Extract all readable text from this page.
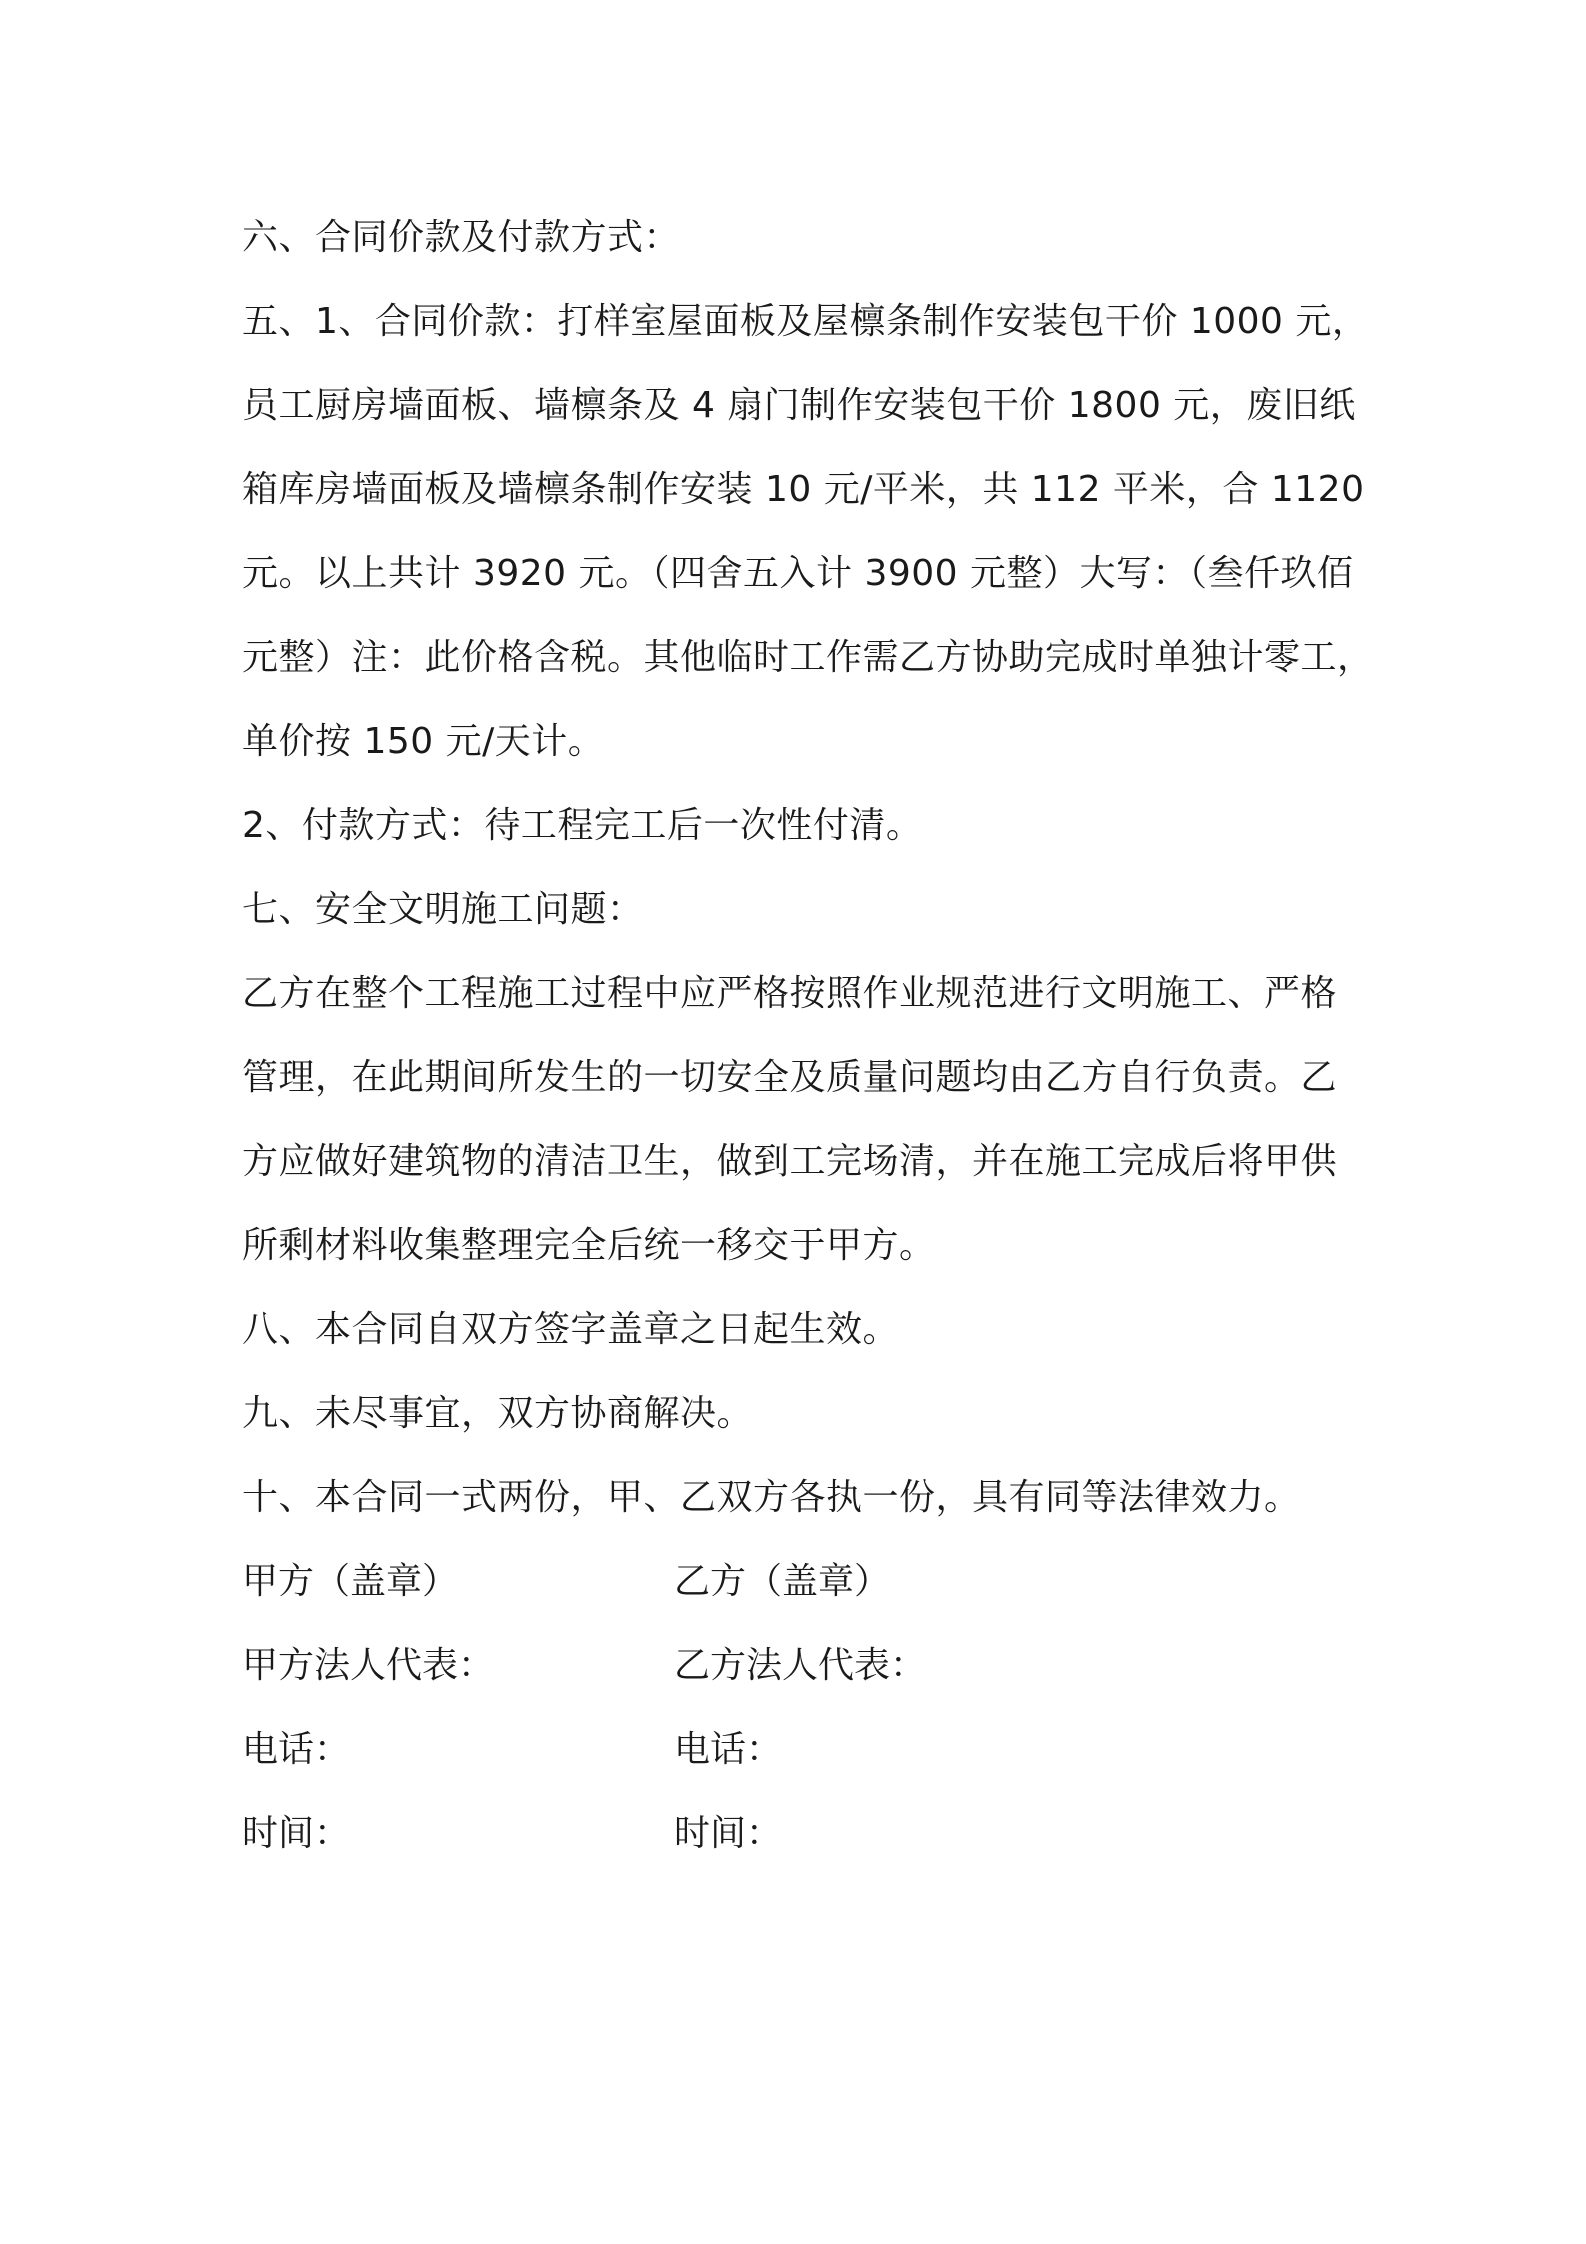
六、合同价款及付款方式：
五、1、合同价款：打样室屋面板及屋檩条制作安装包干价 1000 元，
员工厨房墙面板、墙檩条及 4 扇门制作安装包干价 1800 元，废旧纸
箱库房墙面板及墙檩条制作安装 10 元/平米，共 112 平米，合 1120
元。以上共计 3920 元。（四舍五入计 3900 元整）大写：（叁仟玖佰
元整）注：此价格含税。其他临时工作需乙方协助完成时单独计零工，
单价按 150 元/天计。
2、付款方式：待工程完工后一次性付清。
七、安全文明施工问题：
乙方在整个工程施工过程中应严格按照作业规范进行文明施工、严格
管理，在此期间所发生的一切安全及质量问题均由乙方自行负责。乙
方应做好建筑物的清洁卫生，做到工完场清，并在施工完成后将甲供
所剩材料收集整理完全后统一移交于甲方。
八、本合同自双方签字盖章之日起生效。
九、未尽事宜，双方协商解决。
十、本合同一式两份，甲、乙双方各执一份，具有同等法律效力。
甲方（盖章）	乙方（盖章）
甲方法人代表：	乙方法人代表：
电话：	电话：
时间：	时间：
